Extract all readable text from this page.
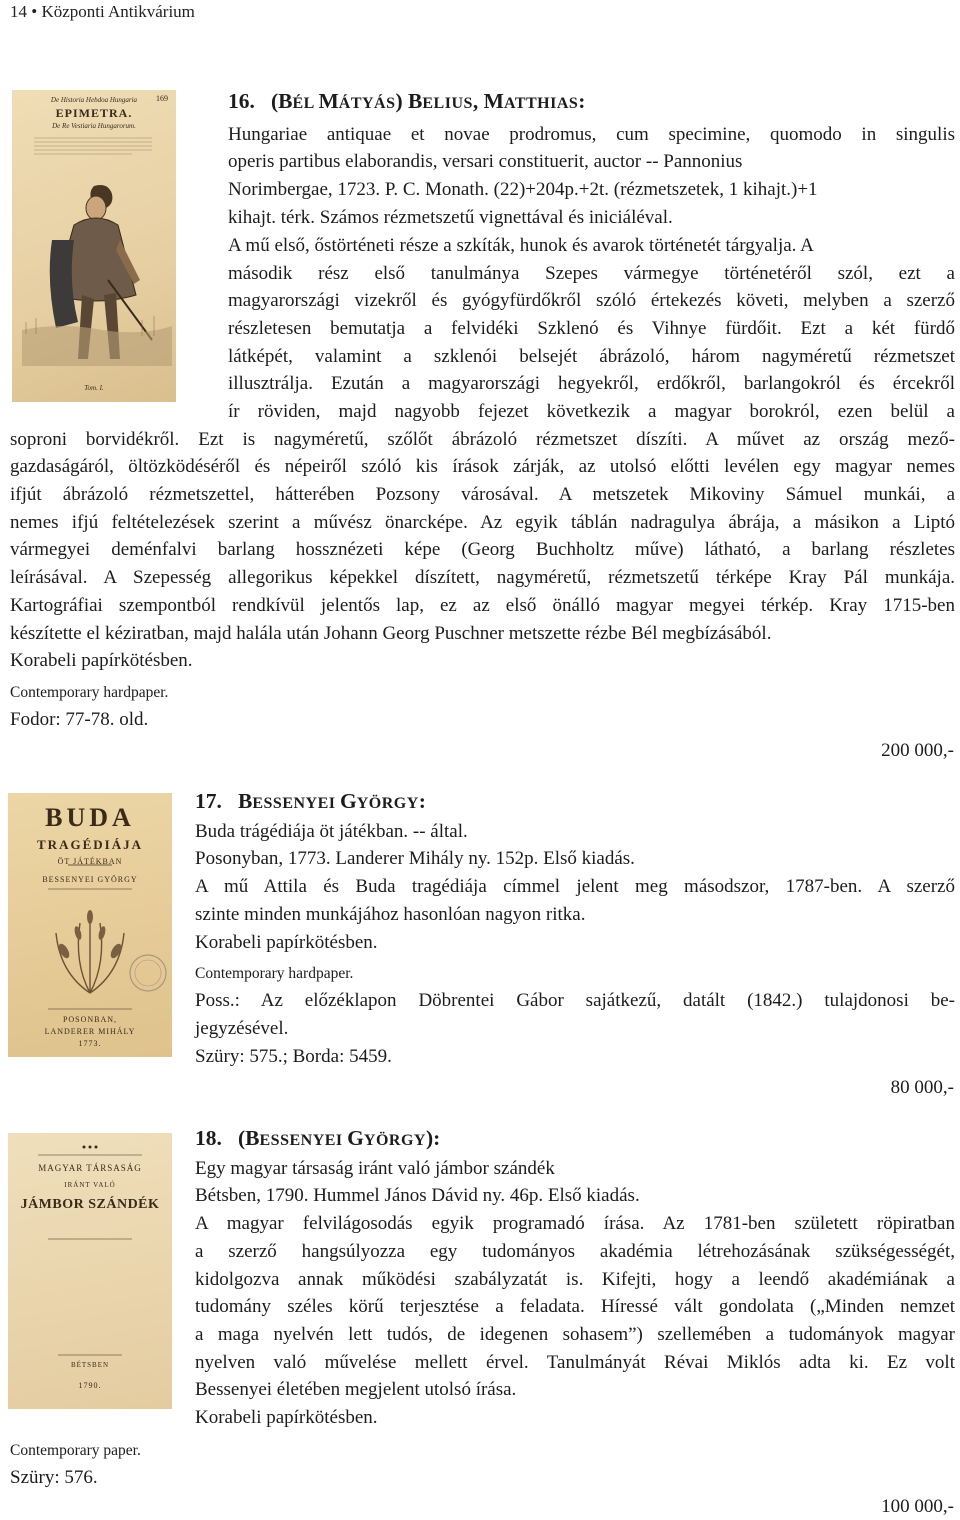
14 • Központi Antikvárium
De Historia Hebdoa Hungaria	169
EPIMETRA.
De Re Vestiaria Hungarorum.
Tom. I.
16. (BÉL MÁTYÁS) BELIUS, MATTHIAS:
Hungariae antiquae et novae prodromus, cum specimine, quomodo in singulis
operis partibus elaborandis, versari constituerit, auctor -- Pannonius
Norimbergae, 1723. P. C. Monath. (22)+204p.+2t. (rézmetszetek, 1 kihajt.)+1
kihajt. térk. Számos rézmetszetű vignettával és iniciáléval.
A mű első, őstörténeti része a szkíták, hunok és avarok történetét tárgyalja. A
második rész első tanulmánya Szepes vármegye történetéről szól, ezt a
magyarországi vizekről és gyógyfürdőkről szóló értekezés követi, melyben a szerző
részletesen bemutatja a felvidéki Szklenó és Vihnye fürdőit. Ezt a két fürdő
látképét, valamint a szklenói belsejét ábrázoló, három nagyméretű rézmetszet
illusztrálja. Ezután a magyarországi hegyekről, erdőkről, barlangokról és ércekről
ír röviden, majd nagyobb fejezet következik a magyar borokról, ezen belül a
soproni borvidékről. Ezt is nagyméretű, szőlőt ábrázoló rézmetszet díszíti. A művet az ország mező-
gazdaságáról, öltözködéséről és népeiről szóló kis írások zárják, az utolsó előtti levélen egy magyar nemes
ifjút ábrázoló rézmetszettel, hátterében Pozsony városával. A metszetek Mikoviny Sámuel munkái, a
nemes ifjú feltételezések szerint a művész önarcképe. Az egyik táblán nadragulya ábrája, a másikon a Liptó
vármegyei deménfalvi barlang hossznézeti képe (Georg Buchholtz műve) látható, a barlang részletes
leírásával. A Szepesség allegorikus képekkel díszített, nagyméretű, rézmetszetű térképe Kray Pál munkája.
Kartográfiai szempontból rendkívül jelentős lap, ez az első önálló magyar megyei térkép. Kray 1715-ben
készítette el kéziratban, majd halála után Johann Georg Puschner metszette rézbe Bél megbízásából.
Korabeli papírkötésben.
Contemporary hardpaper.
Fodor: 77-78. old.
200 000,-
BUDA
TRAGÉDIÁJA
ÖT JÁTÉKBAN
BESSENYEI GYÖRGY
POSONBAN,
LANDERER MIHÁLY
1773.
17. BESSENYEI GYÖRGY:
Buda trágédiája öt játékban. -- által.
Posonyban, 1773. Landerer Mihály ny. 152p. Első kiadás.
A mű Attila és Buda tragédiája címmel jelent meg másodszor, 1787-ben. A szerző
szinte minden munkájához hasonlóan nagyon ritka.
Korabeli papírkötésben.
Contemporary hardpaper.
Poss.: Az előzéklapon Döbrentei Gábor sajátkezű, datált (1842.) tulajdonosi be-
jegyzésével.
Szüry: 575.; Borda: 5459.
80 000,-
MAGYAR TÁRSASÁG
IRÁNT VALÓ
JÁMBOR SZÁNDÉK
BÉTSBEN
1790.
18. (BESSENYEI GYÖRGY):
Egy magyar társaság iránt való jámbor szándék
Bétsben, 1790. Hummel János Dávid ny. 46p. Első kiadás.
A magyar felvilágosodás egyik programadó írása. Az 1781-ben született röpiratban
a szerző hangsúlyozza egy tudományos akadémia létrehozásának szükségességét,
kidolgozva annak működési szabályzatát is. Kifejti, hogy a leendő akadémiának a
tudomány széles körű terjesztése a feladata. Híressé vált gondolata („Minden nemzet
a maga nyelvén lett tudós, de idegenen sohasem”) szellemében a tudományok magyar
nyelven való művelése mellett érvel. Tanulmányát Révai Miklós adta ki. Ez volt
Bessenyei életében megjelent utolsó írása.
Korabeli papírkötésben.
Contemporary paper.
Szüry: 576.
100 000,-
